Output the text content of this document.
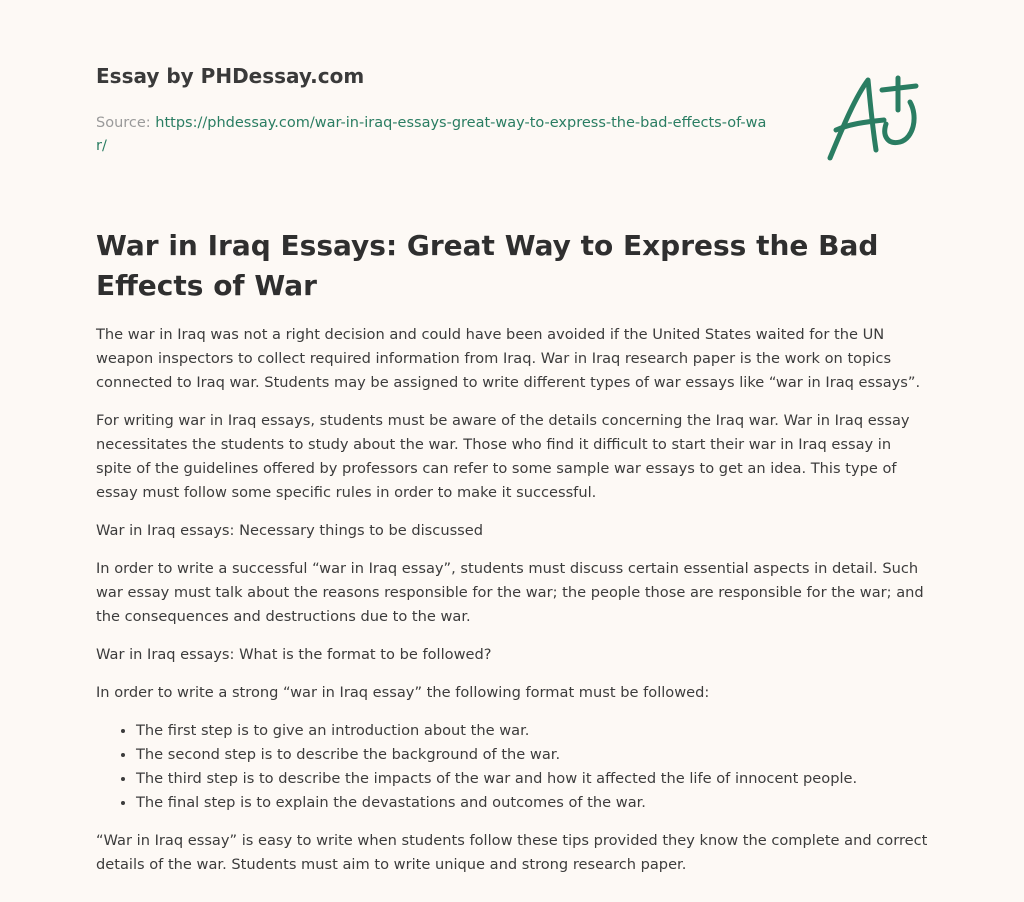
Essay by PHDessay.com
Source: https://phdessay.com/war-in-iraq-essays-great-way-to-express-the-bad-effects-of-war/
War in Iraq Essays: Great Way to Express the Bad Effects of War

The war in Iraq was not a right decision and could have been avoided if the United States waited for the UN weapon inspectors to collect required information from Iraq. War in Iraq research paper is the work on topics connected to Iraq war. Students may be assigned to write different types of war essays like “war in Iraq essays”.

For writing war in Iraq essays, students must be aware of the details concerning the Iraq war. War in Iraq essay necessitates the students to study about the war. Those who find it difficult to start their war in Iraq essay in spite of the guidelines offered by professors can refer to some sample war essays to get an idea. This type of essay must follow some specific rules in order to make it successful.

War in Iraq essays: Necessary things to be discussed

In order to write a successful “war in Iraq essay”, students must discuss certain essential aspects in detail. Such war essay must talk about the reasons responsible for the war; the people those are responsible for the war; and the consequences and destructions due to the war.

War in Iraq essays: What is the format to be followed?

In order to write a strong “war in Iraq essay” the following format must be followed:

• The first step is to give an introduction about the war.
• The second step is to describe the background of the war.
• The third step is to describe the impacts of the war and how it affected the life of innocent people.
• The final step is to explain the devastations and outcomes of the war.

“War in Iraq essay” is easy to write when students follow these tips provided they know the complete and correct details of the war. Students must aim to write unique and strong research paper.
